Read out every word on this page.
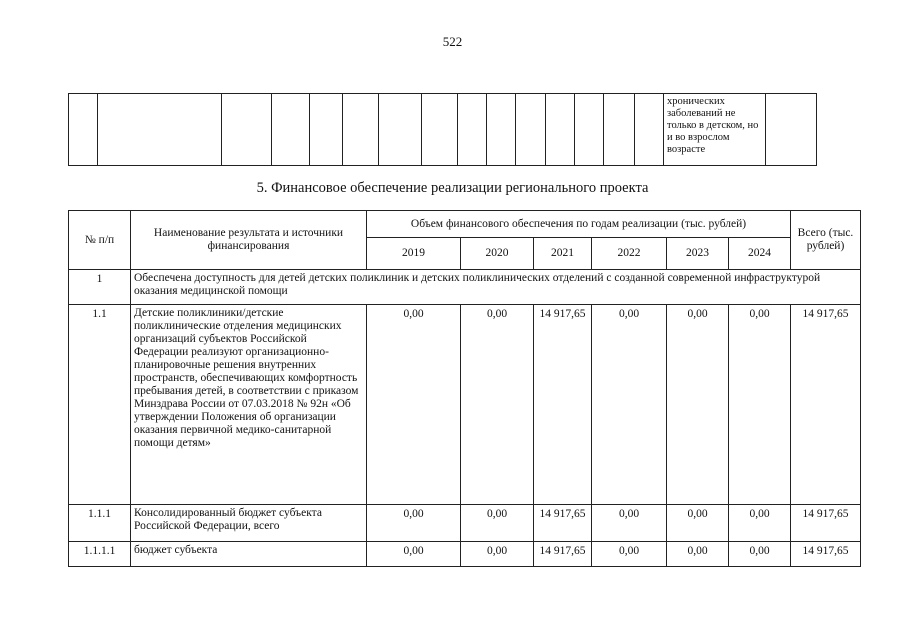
522
															хронических заболеваний не только в детском, но и во взрослом возрасте	
5. Финансовое обеспечение реализации регионального проекта
№ п/п	Наименование результата и источники финансирования	Объем финансового обеспечения по годам реализации (тыс. рублей)						Всего (тыс. рублей)
		2019	2020	2021	2022	2023	2024	
1	Обеспечена доступность для детей детских поликлиник и детских поликлинических отделений с созданной современной инфраструктурой оказания медицинской помощи							
1.1	Детские поликлиники/детские поликлинические отделения медицинских организаций субъектов Российской Федерации реализуют организационно-планировочные решения внутренних пространств, обеспечивающих комфортность пребывания детей, в соответствии с приказом Минздрава России от 07.03.2018 № 92н «Об утверждении Положения об организации оказания первичной медико-санитарной помощи детям»	0,00	0,00	14 917,65	0,00	0,00	0,00	14 917,65
1.1.1	Консолидированный бюджет субъекта Российской Федерации, всего	0,00	0,00	14 917,65	0,00	0,00	0,00	14 917,65
1.1.1.1	бюджет субъекта	0,00	0,00	14 917,65	0,00	0,00	0,00	14 917,65
